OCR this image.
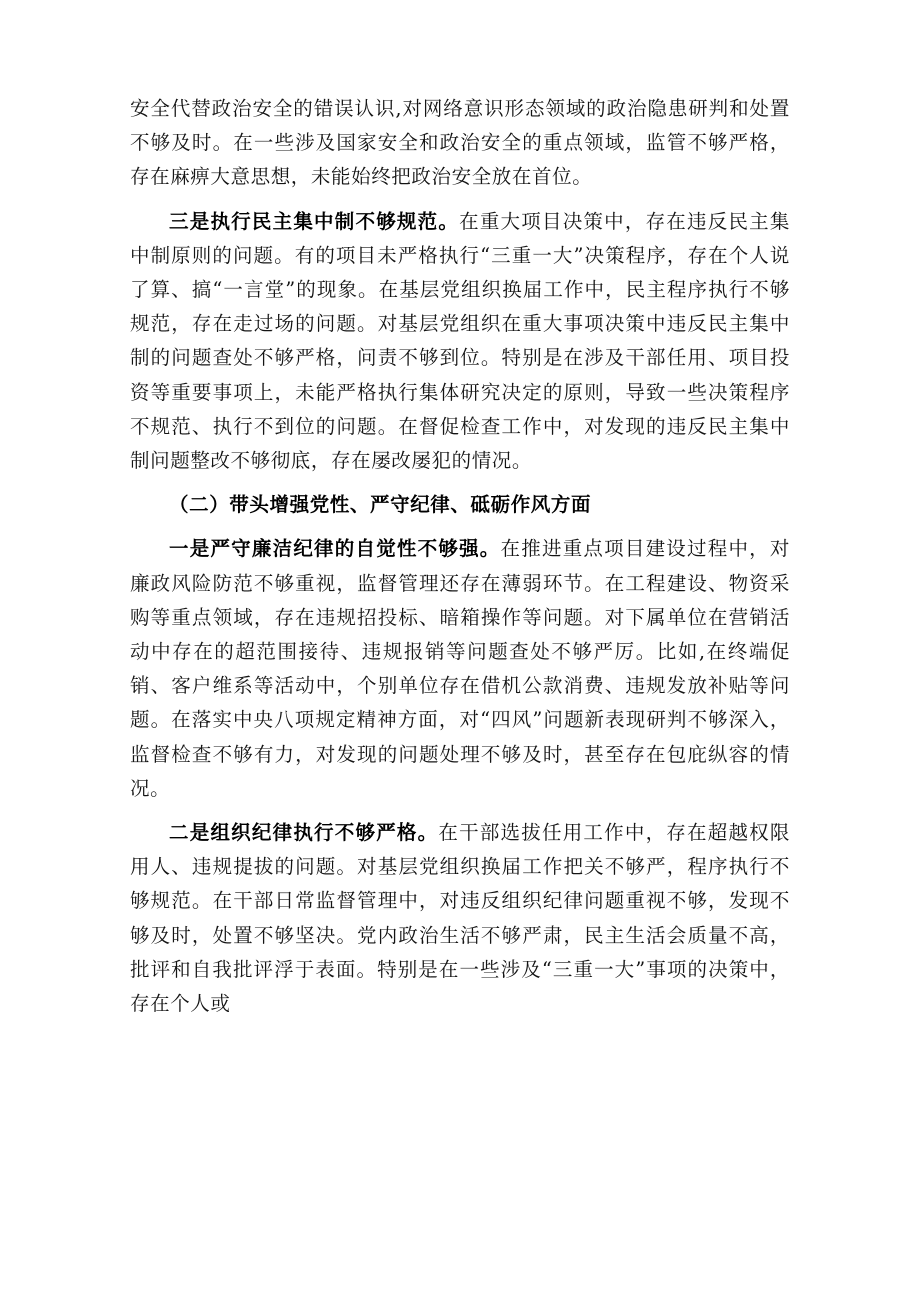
安全代替政治安全的错误认识,对网络意识形态领域的政治隐患研判和处置不够及时。在一些涉及国家安全和政治安全的重点领域，监管不够严格，存在麻痹大意思想，未能始终把政治安全放在首位。

三是执行民主集中制不够规范。在重大项目决策中，存在违反民主集中制原则的问题。有的项目未严格执行“三重一大”决策程序，存在个人说了算、搞“一言堂”的现象。在基层党组织换届工作中，民主程序执行不够规范，存在走过场的问题。对基层党组织在重大事项决策中违反民主集中制的问题查处不够严格，问责不够到位。特别是在涉及干部任用、项目投资等重要事项上，未能严格执行集体研究决定的原则，导致一些决策程序不规范、执行不到位的问题。在督促检查工作中，对发现的违反民主集中制问题整改不够彻底，存在屡改屡犯的情况。

（二）带头增强党性、严守纪律、砥砺作风方面

一是严守廉洁纪律的自觉性不够强。在推进重点项目建设过程中，对廉政风险防范不够重视，监督管理还存在薄弱环节。在工程建设、物资采购等重点领域，存在违规招投标、暗箱操作等问题。对下属单位在营销活动中存在的超范围接待、违规报销等问题查处不够严厉。比如,在终端促销、客户维系等活动中，个别单位存在借机公款消费、违规发放补贴等问题。在落实中央八项规定精神方面，对“四风”问题新表现研判不够深入，监督检查不够有力，对发现的问题处理不够及时，甚至存在包庇纵容的情况。

二是组织纪律执行不够严格。在干部选拔任用工作中，存在超越权限用人、违规提拔的问题。对基层党组织换届工作把关不够严，程序执行不够规范。在干部日常监督管理中，对违反组织纪律问题重视不够，发现不够及时，处置不够坚决。党内政治生活不够严肃，民主生活会质量不高，批评和自我批评浮于表面。特别是在一些涉及“三重一大”事项的决策中，存在个人或
